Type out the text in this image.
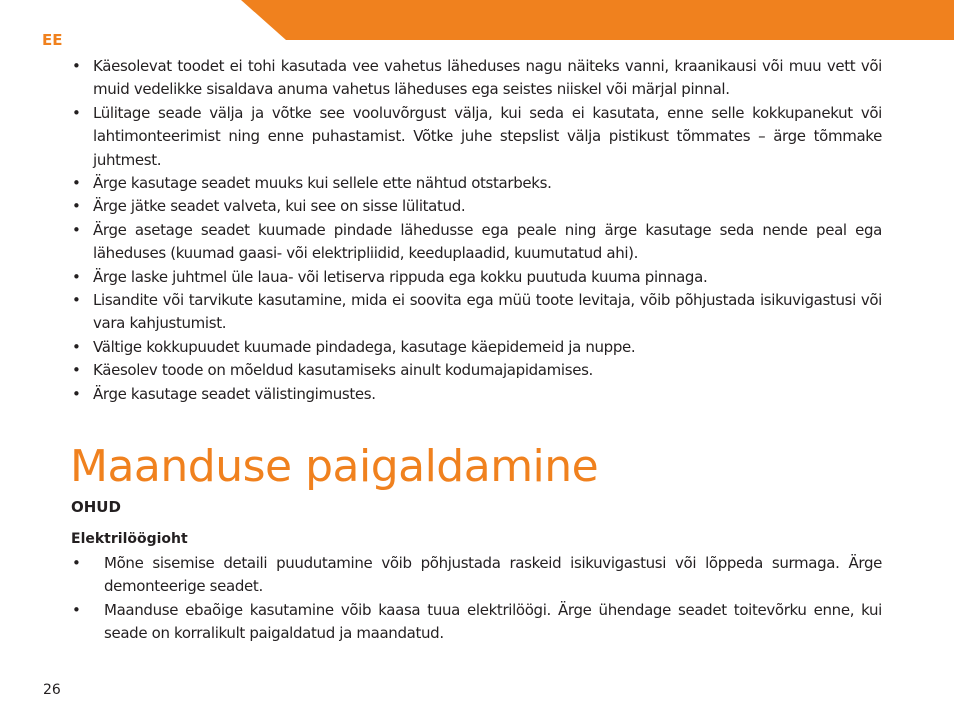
EE
• Käesolevat toodet ei tohi kasutada vee vahetus läheduses nagu näiteks vanni, kraanikausi või muu vett või muid vedelikke sisaldava anuma vahetus läheduses ega seistes niiskel või märjal pinnal.
• Lülitage seade välja ja võtke see vooluvõrgust välja, kui seda ei kasutata, enne selle kokkupanekut või lahtimonteerimist ning enne puhastamist. Võtke juhe stepslist välja pistikust tõmmates – ärge tõmmake juhtmest.
• Ärge kasutage seadet muuks kui sellele ette nähtud otstarbeks.
• Ärge jätke seadet valveta, kui see on sisse lülitatud.
• Ärge asetage seadet kuumade pindade lähedusse ega peale ning ärge kasutage seda nende peal ega läheduses (kuumad gaasi- või elektripliidid, keeduplaadid, kuumutatud ahi).
• Ärge laske juhtmel üle laua- või letiserva rippuda ega kokku puutuda kuuma pinnaga.
• Lisandite või tarvikute kasutamine, mida ei soovita ega müü toote levitaja, võib põhjustada isikuvigastusi või vara kahjustumist.
• Vältige kokkupuudet kuumade pindadega, kasutage käepidemeid ja nuppe.
• Käesolev toode on mõeldud kasutamiseks ainult kodumajapidamises.
• Ärge kasutage seadet välistingimustes.
Maanduse paigaldamine
OHUD
Elektrilöögioht
• Mõne sisemise detaili puudutamine võib põhjustada raskeid isikuvigastusi või lõppeda surmaga. Ärge demonteerige seadet.
• Maanduse ebaõige kasutamine võib kaasa tuua elektrilöögi. Ärge ühendage seadet toitevõrku enne, kui seade on korralikult paigaldatud ja maandatud.
26
